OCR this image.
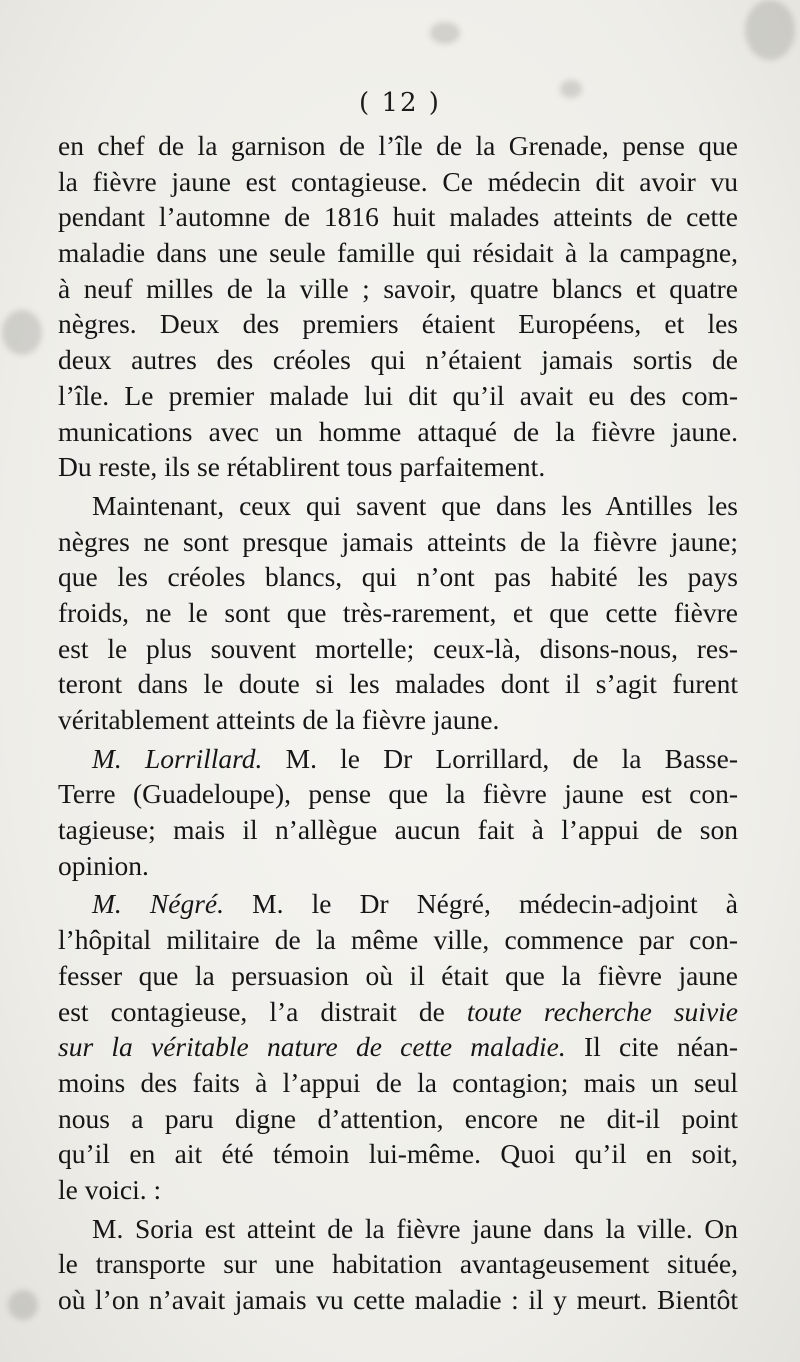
( 12 )
en chef de la garnison de l’île de la Grenade, pense que
la fièvre jaune est contagieuse. Ce médecin dit avoir vu
pendant l’automne de 1816 huit malades atteints de cette
maladie dans une seule famille qui résidait à la campagne,
à neuf milles de la ville ; savoir, quatre blancs et quatre
nègres. Deux des premiers étaient Européens, et les
deux autres des créoles qui n’étaient jamais sortis de
l’île. Le premier malade lui dit qu’il avait eu des com-
munications avec un homme attaqué de la fièvre jaune.
Du reste, ils se rétablirent tous parfaitement.
Maintenant, ceux qui savent que dans les Antilles les
nègres ne sont presque jamais atteints de la fièvre jaune;
que les créoles blancs, qui n’ont pas habité les pays
froids, ne le sont que très-rarement, et que cette fièvre
est le plus souvent mortelle; ceux-là, disons-nous, res-
teront dans le doute si les malades dont il s’agit furent
véritablement atteints de la fièvre jaune.
M. Lorrillard. M. le Dr Lorrillard, de la Basse-
Terre (Guadeloupe), pense que la fièvre jaune est con-
tagieuse; mais il n’allègue aucun fait à l’appui de son
opinion.
M. Négré. M. le Dr Négré, médecin-adjoint à
l’hôpital militaire de la même ville, commence par con-
fesser que la persuasion où il était que la fièvre jaune
est contagieuse, l’a distrait de toute recherche suivie
sur la véritable nature de cette maladie. Il cite néan-
moins des faits à l’appui de la contagion; mais un seul
nous a paru digne d’attention, encore ne dit-il point
qu’il en ait été témoin lui-même. Quoi qu’il en soit,
le voici. :
M. Soria est atteint de la fièvre jaune dans la ville. On
le transporte sur une habitation avantageusement située,
où l’on n’avait jamais vu cette maladie : il y meurt. Bientôt
